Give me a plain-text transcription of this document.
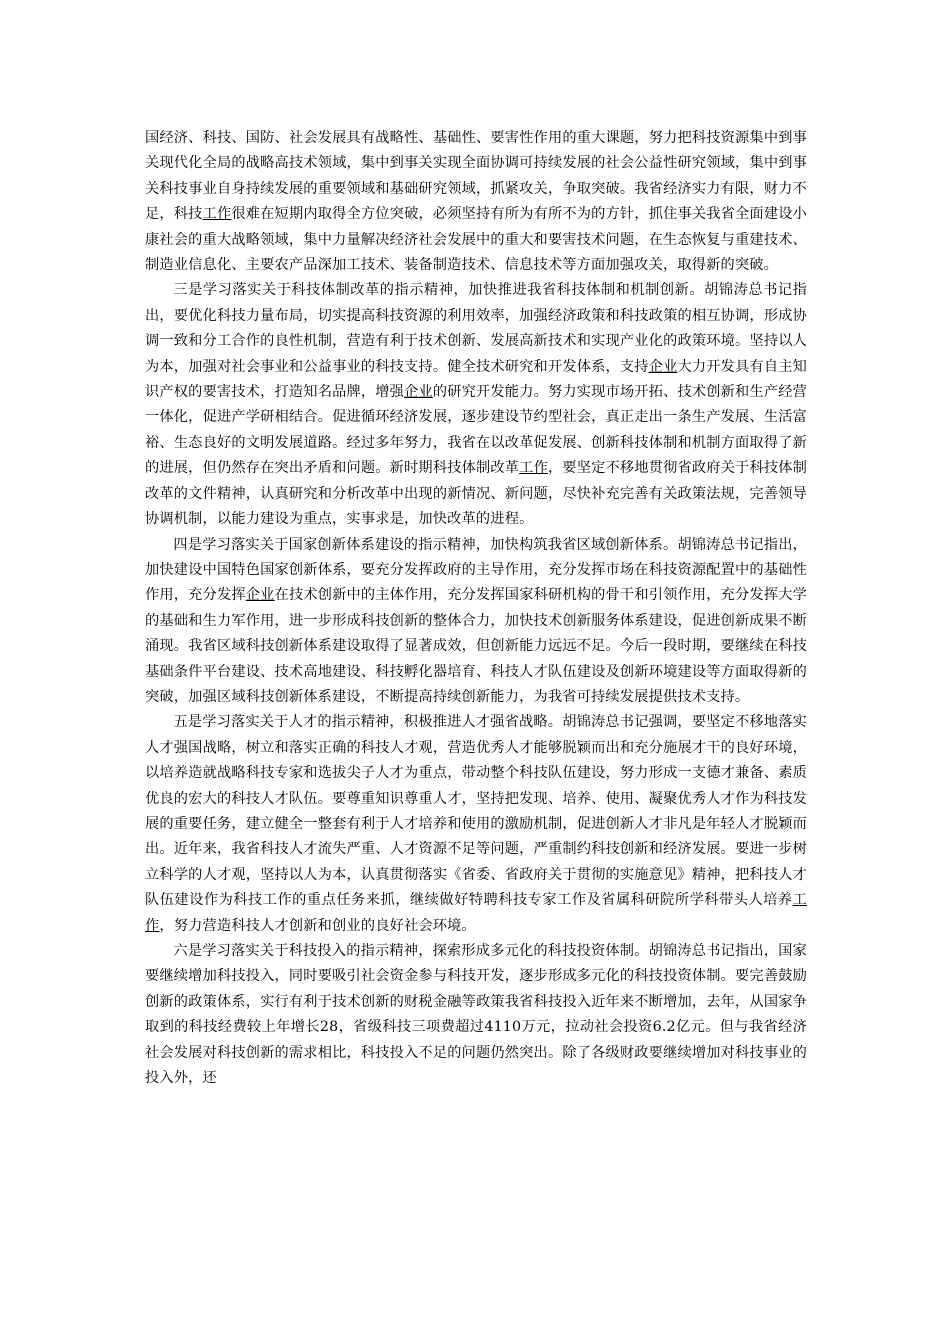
国经济、科技、国防、社会发展具有战略性、基础性、要害性作用的重大课题，努力把科技资源集中到事关现代化全局的战略高技术领域，集中到事关实现全面协调可持续发展的社会公益性研究领域，集中到事关科技事业自身持续发展的重要领域和基础研究领域，抓紧攻关，争取突破。我省经济实力有限，财力不足，科技工作很难在短期内取得全方位突破，必须坚持有所为有所不为的方针，抓住事关我省全面建设小康社会的重大战略领域，集中力量解决经济社会发展中的重大和要害技术问题，在生态恢复与重建技术、制造业信息化、主要农产品深加工技术、装备制造技术、信息技术等方面加强攻关，取得新的突破。

三是学习落实关于科技体制改革的指示精神，加快推进我省科技体制和机制创新。胡锦涛总书记指出，要优化科技力量布局，切实提高科技资源的利用效率，加强经济政策和科技政策的相互协调，形成协调一致和分工合作的良性机制，营造有利于技术创新、发展高新技术和实现产业化的政策环境。坚持以人为本，加强对社会事业和公益事业的科技支持。健全技术研究和开发体系，支持企业大力开发具有自主知识产权的要害技术，打造知名品牌，增强企业的研究开发能力。努力实现市场开拓、技术创新和生产经营一体化，促进产学研相结合。促进循环经济发展，逐步建设节约型社会，真正走出一条生产发展、生活富裕、生态良好的文明发展道路。经过多年努力，我省在以改革促发展、创新科技体制和机制方面取得了新的进展，但仍然存在突出矛盾和问题。新时期科技体制改革工作，要坚定不移地贯彻省政府关于科技体制改革的文件精神，认真研究和分析改革中出现的新情况、新问题，尽快补充完善有关政策法规，完善领导协调机制，以能力建设为重点，实事求是，加快改革的进程。

四是学习落实关于国家创新体系建设的指示精神，加快构筑我省区域创新体系。胡锦涛总书记指出，加快建设中国特色国家创新体系，要充分发挥政府的主导作用，充分发挥市场在科技资源配置中的基础性作用，充分发挥企业在技术创新中的主体作用，充分发挥国家科研机构的骨干和引领作用，充分发挥大学的基础和生力军作用，进一步形成科技创新的整体合力，加快技术创新服务体系建设，促进创新成果不断涌现。我省区域科技创新体系建设取得了显著成效，但创新能力远远不足。今后一段时期，要继续在科技基础条件平台建设、技术高地建设、科技孵化器培育、科技人才队伍建设及创新环境建设等方面取得新的突破，加强区域科技创新体系建设，不断提高持续创新能力，为我省可持续发展提供技术支持。

五是学习落实关于人才的指示精神，积极推进人才强省战略。胡锦涛总书记强调，要坚定不移地落实人才强国战略，树立和落实正确的科技人才观，营造优秀人才能够脱颖而出和充分施展才干的良好环境，以培养造就战略科技专家和选拔尖子人才为重点，带动整个科技队伍建设，努力形成一支德才兼备、素质优良的宏大的科技人才队伍。要尊重知识尊重人才，坚持把发现、培养、使用、凝聚优秀人才作为科技发展的重要任务，建立健全一整套有利于人才培养和使用的激励机制，促进创新人才非凡是年轻人才脱颖而出。近年来，我省科技人才流失严重、人才资源不足等问题，严重制约科技创新和经济发展。要进一步树立科学的人才观，坚持以人为本，认真贯彻落实《省委、省政府关于贯彻的实施意见》精神，把科技人才队伍建设作为科技工作的重点任务来抓，继续做好特聘科技专家工作及省属科研院所学科带头人培养工作，努力营造科技人才创新和创业的良好社会环境。

六是学习落实关于科技投入的指示精神，探索形成多元化的科技投资体制。胡锦涛总书记指出，国家要继续增加科技投入，同时要吸引社会资金参与科技开发，逐步形成多元化的科技投资体制。要完善鼓励创新的政策体系，实行有利于技术创新的财税金融等政策我省科技投入近年来不断增加，去年，从国家争取到的科技经费较上年增长28，省级科技三项费超过4110万元，拉动社会投资6.2亿元。但与我省经济社会发展对科技创新的需求相比，科技投入不足的问题仍然突出。除了各级财政要继续增加对科技事业的投入外，还
